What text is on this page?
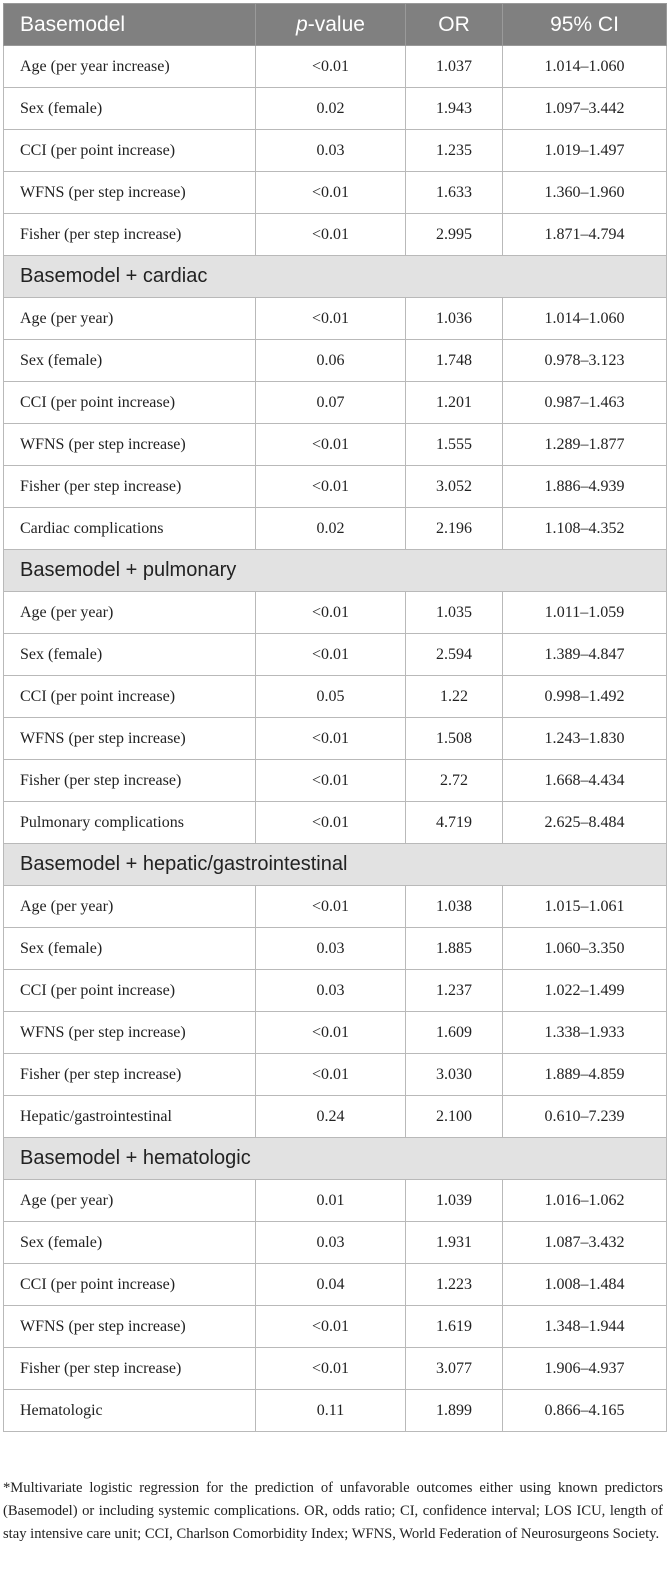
Basemodel	p-value	OR	95% CI
Age (per year increase)	<0.01	1.037	1.014–1.060
Sex (female)	0.02	1.943	1.097–3.442
CCI (per point increase)	0.03	1.235	1.019–1.497
WFNS (per step increase)	<0.01	1.633	1.360–1.960
Fisher (per step increase)	<0.01	2.995	1.871–4.794
Basemodel + cardiac			
Age (per year)	<0.01	1.036	1.014–1.060
Sex (female)	0.06	1.748	0.978–3.123
CCI (per point increase)	0.07	1.201	0.987–1.463
WFNS (per step increase)	<0.01	1.555	1.289–1.877
Fisher (per step increase)	<0.01	3.052	1.886–4.939
Cardiac complications	0.02	2.196	1.108–4.352
Basemodel + pulmonary			
Age (per year)	<0.01	1.035	1.011–1.059
Sex (female)	<0.01	2.594	1.389–4.847
CCI (per point increase)	0.05	1.22	0.998–1.492
WFNS (per step increase)	<0.01	1.508	1.243–1.830
Fisher (per step increase)	<0.01	2.72	1.668–4.434
Pulmonary complications	<0.01	4.719	2.625–8.484
Basemodel + hepatic/gastrointestinal			
Age (per year)	<0.01	1.038	1.015–1.061
Sex (female)	0.03	1.885	1.060–3.350
CCI (per point increase)	0.03	1.237	1.022–1.499
WFNS (per step increase)	<0.01	1.609	1.338–1.933
Fisher (per step increase)	<0.01	3.030	1.889–4.859
Hepatic/gastrointestinal	0.24	2.100	0.610–7.239
Basemodel + hematologic			
Age (per year)	0.01	1.039	1.016–1.062
Sex (female)	0.03	1.931	1.087–3.432
CCI (per point increase)	0.04	1.223	1.008–1.484
WFNS (per step increase)	<0.01	1.619	1.348–1.944
Fisher (per step increase)	<0.01	3.077	1.906–4.937
Hematologic	0.11	1.899	0.866–4.165

*Multivariate logistic regression for the prediction of unfavorable outcomes either using known predictors (Basemodel) or including systemic complications. OR, odds ratio; CI, confidence interval; LOS ICU, length of stay intensive care unit; CCI, Charlson Comorbidity Index; WFNS, World Federation of Neurosurgeons Society.
